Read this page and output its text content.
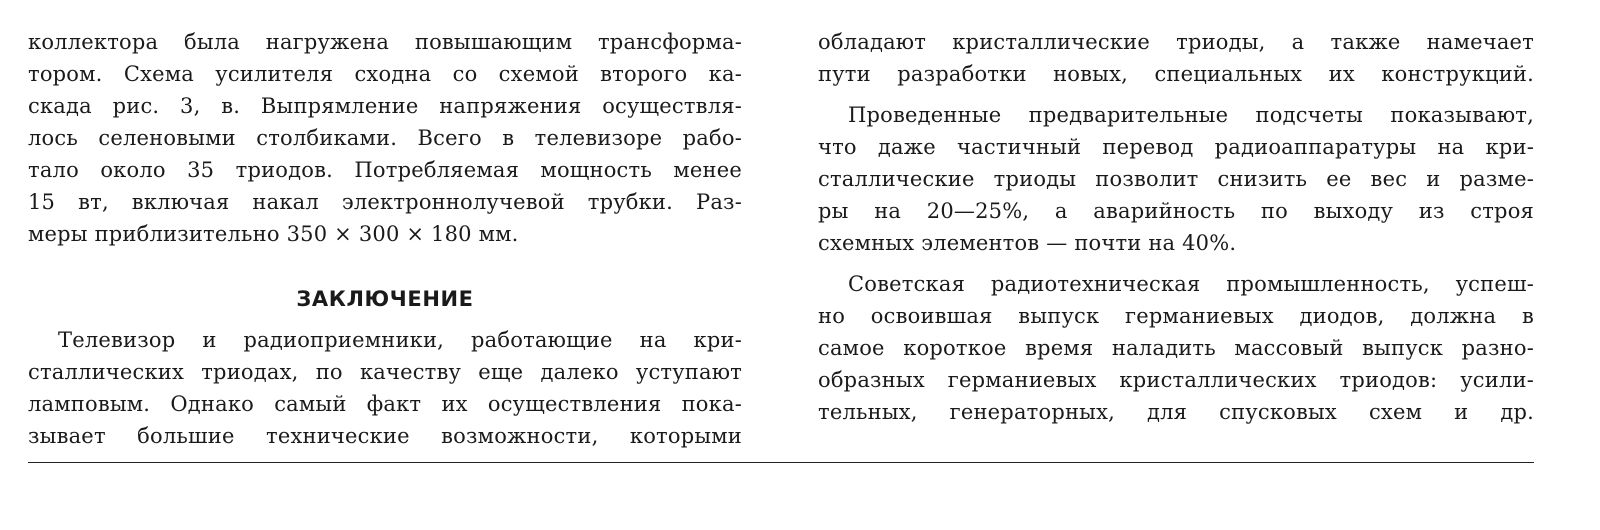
коллектора была нагружена повышающим трансформа-
тором. Схема усилителя сходна со схемой второго ка-
скада рис. 3, в. Выпрямление напряжения осуществля-
лось селеновыми столбиками. Всего в телевизоре рабо-
тало около 35 триодов. Потребляемая мощность менее
15 вт, включая накал электроннолучевой трубки. Раз-
меры приблизительно 350 × 300 × 180 мм.
ЗАКЛЮЧЕНИЕ
Телевизор и радиоприемники, работающие на кри-
сталлических триодах, по качеству еще далеко уступают
ламповым. Однако самый факт их осуществления пока-
зывает большие технические возможности, которыми
обладают кристаллические триоды, а также намечает
пути разработки новых, специальных их конструкций.
Проведенные предварительные подсчеты показывают,
что даже частичный перевод радиоаппаратуры на кри-
сталлические триоды позволит снизить ее вес и разме-
ры на 20—25%, а аварийность по выходу из строя
схемных элементов — почти на 40%.
Советская радиотехническая промышленность, успеш-
но освоившая выпуск германиевых диодов, должна в
самое короткое время наладить массовый выпуск разно-
образных германиевых кристаллических триодов: усили-
тельных, генераторных, для спусковых схем и др.
